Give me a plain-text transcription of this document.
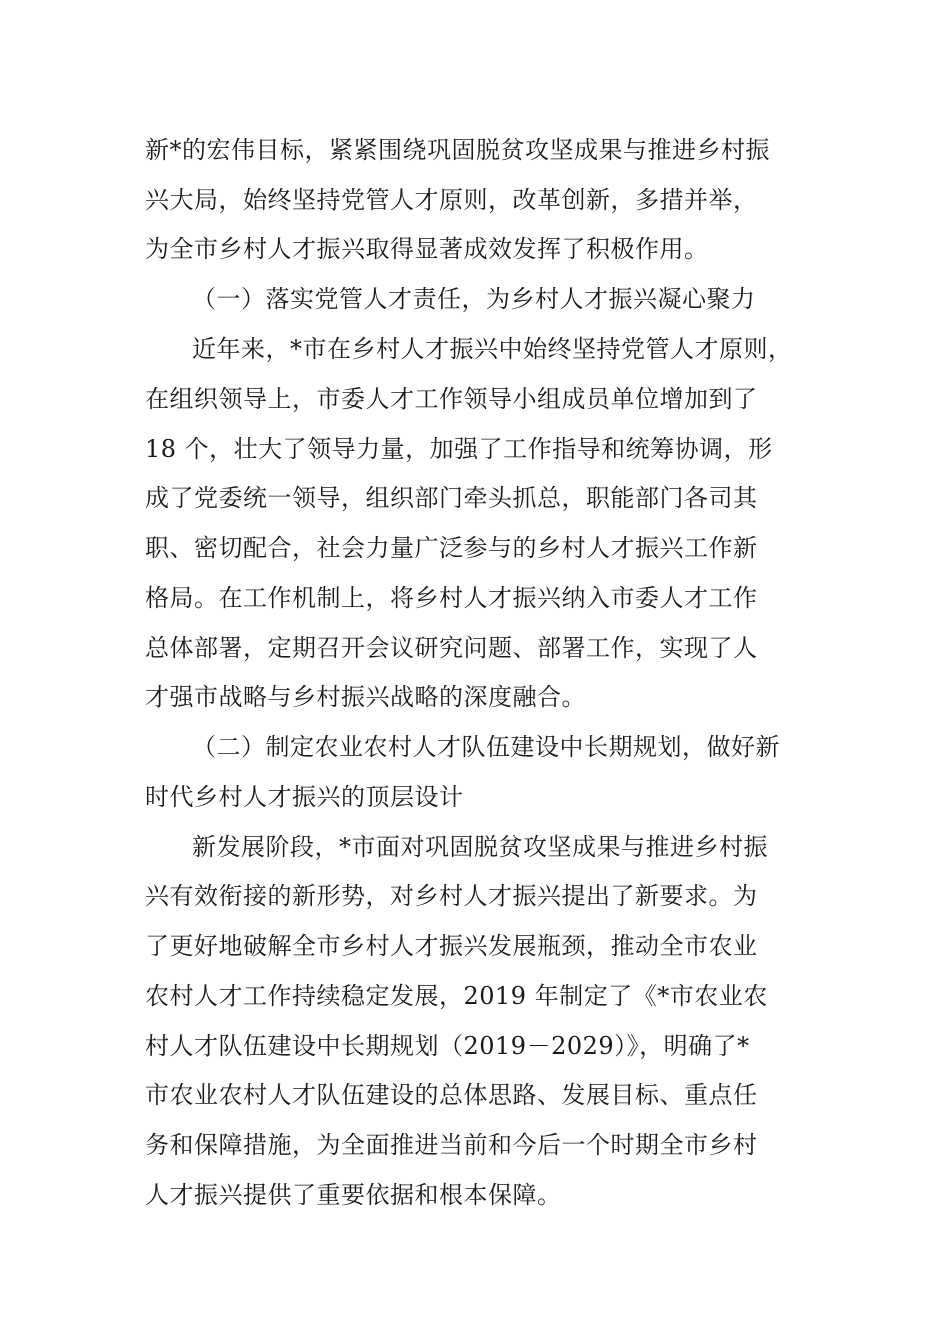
新*的宏伟目标，紧紧围绕巩固脱贫攻坚成果与推进乡村振
兴大局，始终坚持党管人才原则，改革创新，多措并举，
为全市乡村人才振兴取得显著成效发挥了积极作用。
（一）落实党管人才责任，为乡村人才振兴凝心聚力
近年来，*市在乡村人才振兴中始终坚持党管人才原则，
在组织领导上，市委人才工作领导小组成员单位增加到了
18 个，壮大了领导力量，加强了工作指导和统筹协调，形
成了党委统一领导，组织部门牵头抓总，职能部门各司其
职、密切配合，社会力量广泛参与的乡村人才振兴工作新
格局。在工作机制上，将乡村人才振兴纳入市委人才工作
总体部署，定期召开会议研究问题、部署工作，实现了人
才强市战略与乡村振兴战略的深度融合。
（二）制定农业农村人才队伍建设中长期规划，做好新
时代乡村人才振兴的顶层设计
新发展阶段，*市面对巩固脱贫攻坚成果与推进乡村振
兴有效衔接的新形势，对乡村人才振兴提出了新要求。为
了更好地破解全市乡村人才振兴发展瓶颈，推动全市农业
农村人才工作持续稳定发展，2019 年制定了《*市农业农
村人才队伍建设中长期规划（2019－2029）》，明确了*
市农业农村人才队伍建设的总体思路、发展目标、重点任
务和保障措施，为全面推进当前和今后一个时期全市乡村
人才振兴提供了重要依据和根本保障。
